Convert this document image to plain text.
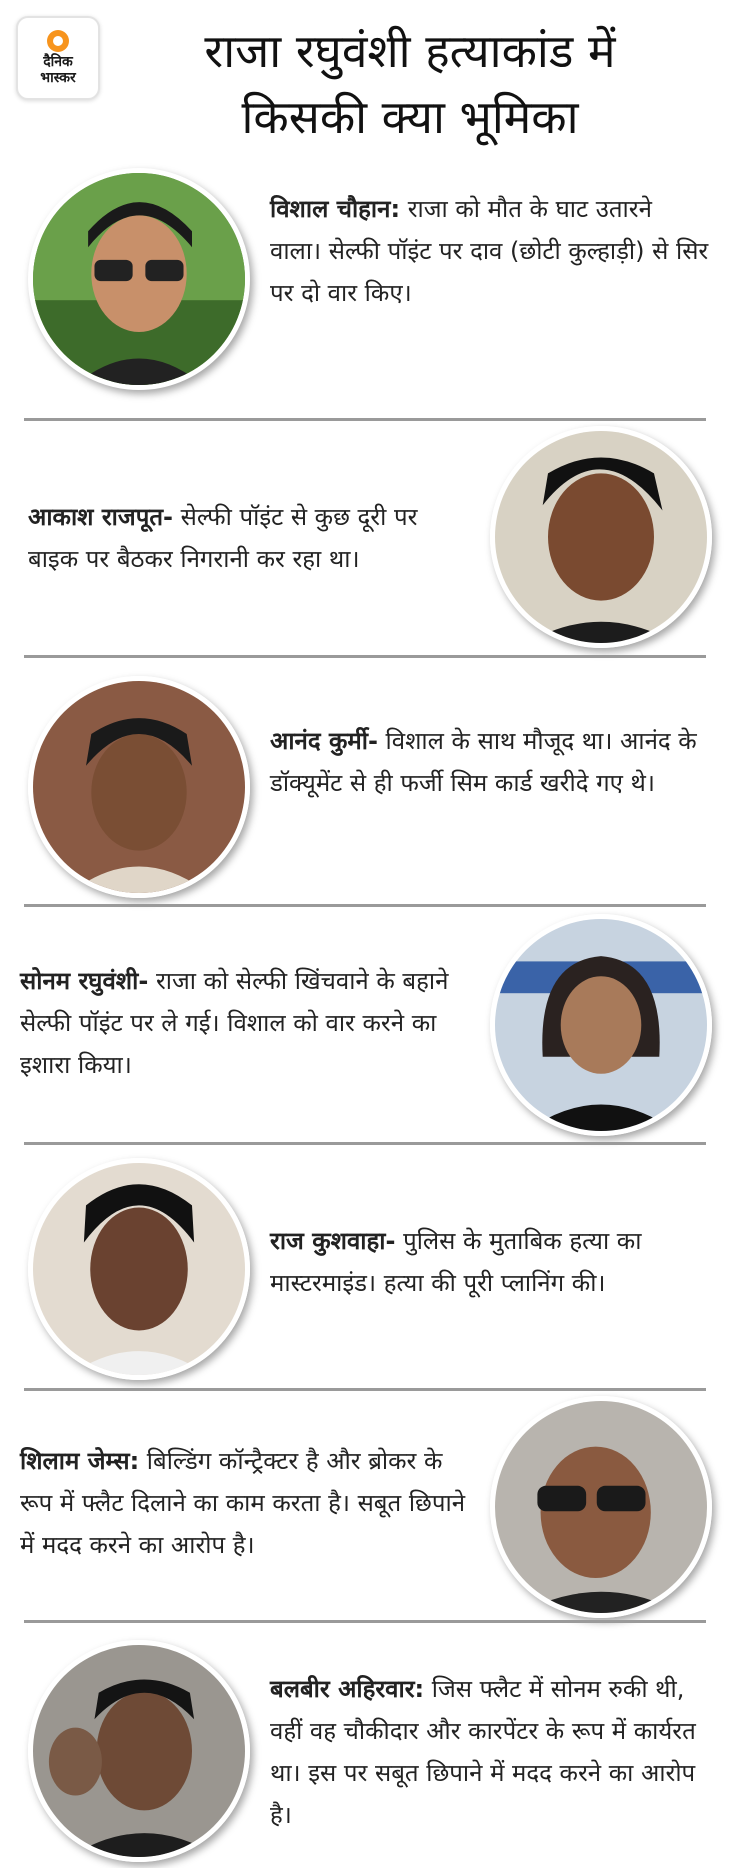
दैनिक
भास्कर	राजा रघुवंशी हत्याकांड में
किसकी क्या भूमिका
विशाल चौहान: राजा को मौत के घाट उतारने वाला। सेल्फी पॉइंट पर दाव (छोटी कुल्हाड़ी) से सिर पर दो वार किए।
आकाश राजपूत- सेल्फी पॉइंट से कुछ दूरी पर बाइक पर बैठकर निगरानी कर रहा था।
आनंद कुर्मी- विशाल के साथ मौजूद था। आनंद के डॉक्यूमेंट से ही फर्जी सिम कार्ड खरीदे गए थे।
सोनम रघुवंशी- राजा को सेल्फी खिंचवाने के बहाने सेल्फी पॉइंट पर ले गई। विशाल को वार करने का इशारा किया।
राज कुशवाहा- पुलिस के मुताबिक हत्या का मास्टरमाइंड। हत्या की पूरी प्लानिंग की।
शिलाम जेम्स: बिल्डिंग कॉन्ट्रैक्टर है और ब्रोकर के रूप में फ्लैट दिलाने का काम करता है। सबूत छिपाने में मदद करने का आरोप है।
बलबीर अहिरवार: जिस फ्लैट में सोनम रुकी थी, वहीं वह चौकीदार और कारपेंटर के रूप में कार्यरत था। इस पर सबूत छिपाने में मदद करने का आरोप है।
